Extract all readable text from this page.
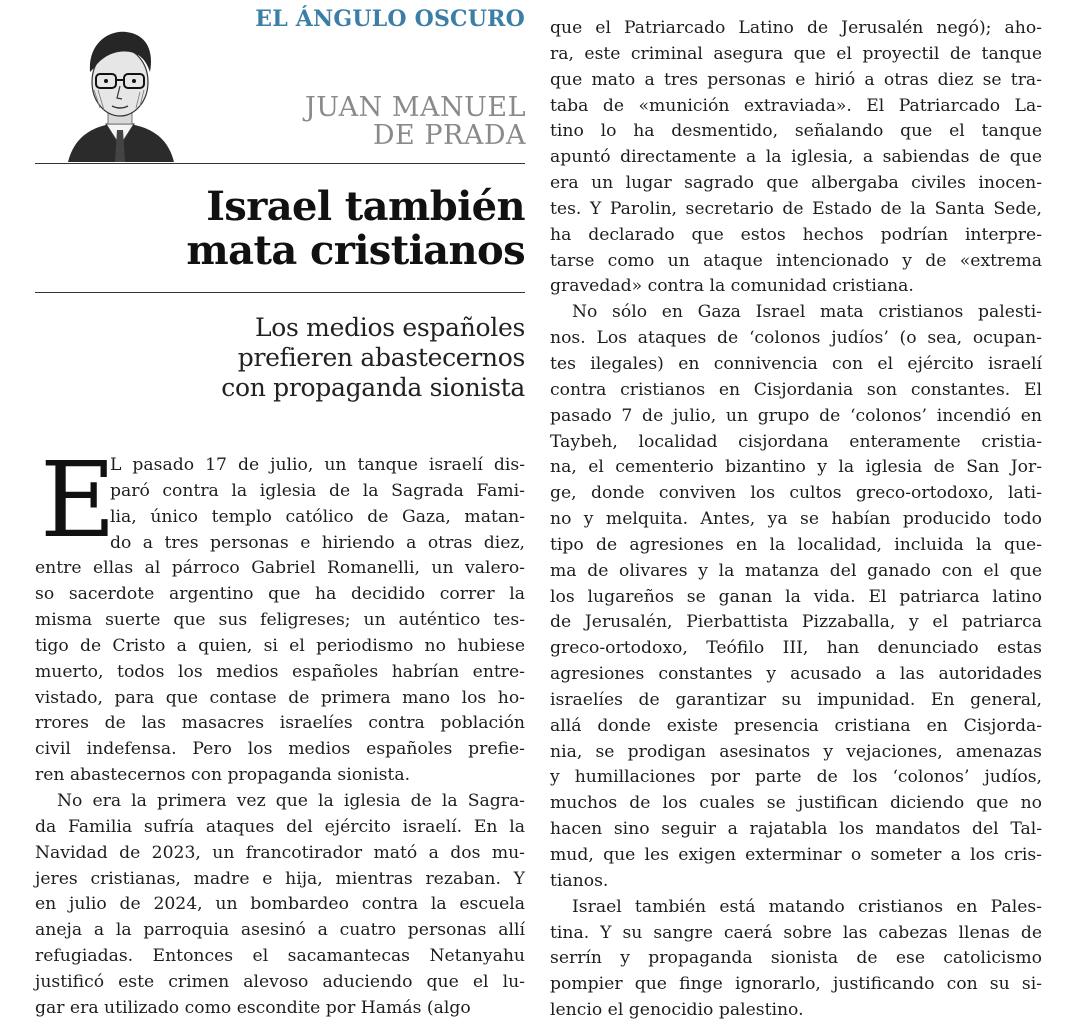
EL ÁNGULO OSCURO
JUAN MANUEL
DE PRADA
Israel también
mata cristianos
Los medios españoles
prefieren abastecernos
con propaganda sionista
E
L pasado 17 de julio, un tanque israelí dis-
paró contra la iglesia de la Sagrada Fami-
lia, único templo católico de Gaza, matan-
do a tres personas e hiriendo a otras diez,
entre ellas al párroco Gabriel Romanelli, un valero-
so sacerdote argentino que ha decidido correr la
misma suerte que sus feligreses; un auténtico tes-
tigo de Cristo a quien, si el periodismo no hubiese
muerto, todos los medios españoles habrían entre-
vistado, para que contase de primera mano los ho-
rrores de las masacres israelíes contra población
civil indefensa. Pero los medios españoles prefie-
ren abastecernos con propaganda sionista.
No era la primera vez que la iglesia de la Sagra-
da Familia sufría ataques del ejército israelí. En la
Navidad de 2023, un francotirador mató a dos mu-
jeres cristianas, madre e hija, mientras rezaban. Y
en julio de 2024, un bombardeo contra la escuela
aneja a la parroquia asesinó a cuatro personas allí
refugiadas. Entonces el sacamantecas Netanyahu
justificó este crimen alevoso aduciendo que el lu-
gar era utilizado como escondite por Hamás (algo
que el Patriarcado Latino de Jerusalén negó); aho-
ra, este criminal asegura que el proyectil de tanque
que mato a tres personas e hirió a otras diez se tra-
taba de «munición extraviada». El Patriarcado La-
tino lo ha desmentido, señalando que el tanque
apuntó directamente a la iglesia, a sabiendas de que
era un lugar sagrado que albergaba civiles inocen-
tes. Y Parolin, secretario de Estado de la Santa Sede,
ha declarado que estos hechos podrían interpre-
tarse como un ataque intencionado y de «extrema
gravedad» contra la comunidad cristiana.
No sólo en Gaza Israel mata cristianos palesti-
nos. Los ataques de ‘colonos judíos’ (o sea, ocupan-
tes ilegales) en connivencia con el ejército israelí
contra cristianos en Cisjordania son constantes. El
pasado 7 de julio, un grupo de ‘colonos’ incendió en
Taybeh, localidad cisjordana enteramente cristia-
na, el cementerio bizantino y la iglesia de San Jor-
ge, donde conviven los cultos greco-ortodoxo, lati-
no y melquita. Antes, ya se habían producido todo
tipo de agresiones en la localidad, incluida la que-
ma de olivares y la matanza del ganado con el que
los lugareños se ganan la vida. El patriarca latino
de Jerusalén, Pierbattista Pizzaballa, y el patriarca
greco-ortodoxo, Teófilo III, han denunciado estas
agresiones constantes y acusado a las autoridades
israelíes de garantizar su impunidad. En general,
allá donde existe presencia cristiana en Cisjorda-
nia, se prodigan asesinatos y vejaciones, amenazas
y humillaciones por parte de los ‘colonos’ judíos,
muchos de los cuales se justifican diciendo que no
hacen sino seguir a rajatabla los mandatos del Tal-
mud, que les exigen exterminar o someter a los cris-
tianos.
Israel también está matando cristianos en Pales-
tina. Y su sangre caerá sobre las cabezas llenas de
serrín y propaganda sionista de ese catolicismo
pompier que finge ignorarlo, justificando con su si-
lencio el genocidio palestino.
